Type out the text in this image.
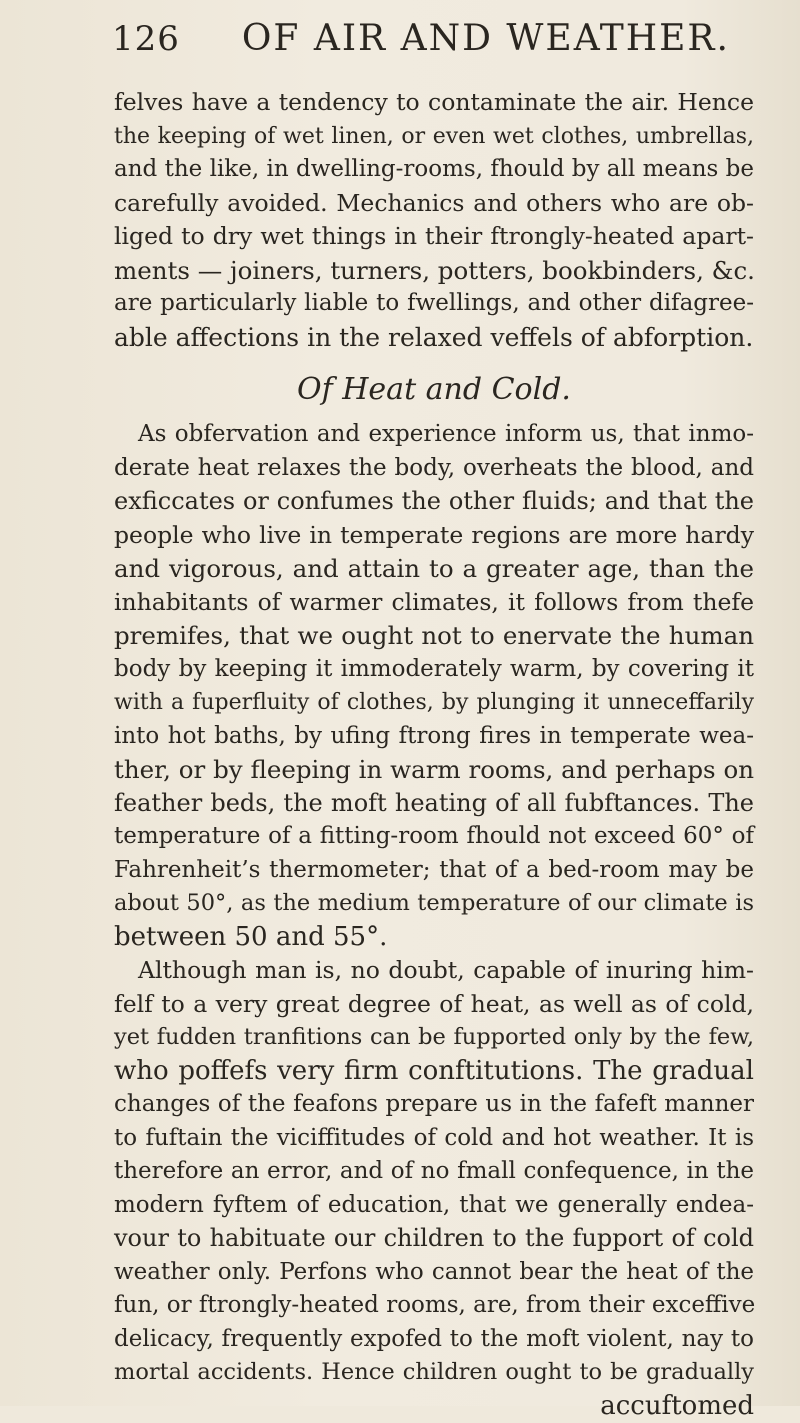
126 OF AIR AND WEATHER.
felves have a tendency to contaminate the air. Hence
the keeping of wet linen, or even wet clothes, umbrellas,
and the like, in dwelling-rooms, fhould by all means be
carefully avoided. Mechanics and others who are ob-
liged to dry wet things in their ftrongly-heated apart-
ments — joiners, turners, potters, bookbinders, &c.
are particularly liable to fwellings, and other difagree-
able affections in the relaxed veffels of abforption.
Of Heat and Cold.
As obfervation and experience inform us, that inmo-
derate heat relaxes the body, overheats the blood, and
exficcates or confumes the other fluids; and that the
people who live in temperate regions are more hardy
and vigorous, and attain to a greater age, than the
inhabitants of warmer climates, it follows from thefe
premifes, that we ought not to enervate the human
body by keeping it immoderately warm, by covering it
with a fuperfluity of clothes, by plunging it unneceffarily
into hot baths, by ufing ftrong fires in temperate wea-
ther, or by fleeping in warm rooms, and perhaps on
feather beds, the moft heating of all fubftances. The
temperature of a fitting-room fhould not exceed 60° of
Fahrenheit’s thermometer; that of a bed-room may be
about 50°, as the medium temperature of our climate is
between 50 and 55°.
Although man is, no doubt, capable of inuring him-
felf to a very great degree of heat, as well as of cold,
yet fudden tranfitions can be fupported only by the few,
who poffefs very firm conftitutions. The gradual
changes of the feafons prepare us in the fafeft manner
to fuftain the viciffitudes of cold and hot weather. It is
therefore an error, and of no fmall confequence, in the
modern fyftem of education, that we generally endea-
vour to habituate our children to the fupport of cold
weather only. Perfons who cannot bear the heat of the
fun, or ftrongly-heated rooms, are, from their exceffive
delicacy, frequently expofed to the moft violent, nay to
mortal accidents. Hence children ought to be gradually
accuftomed
